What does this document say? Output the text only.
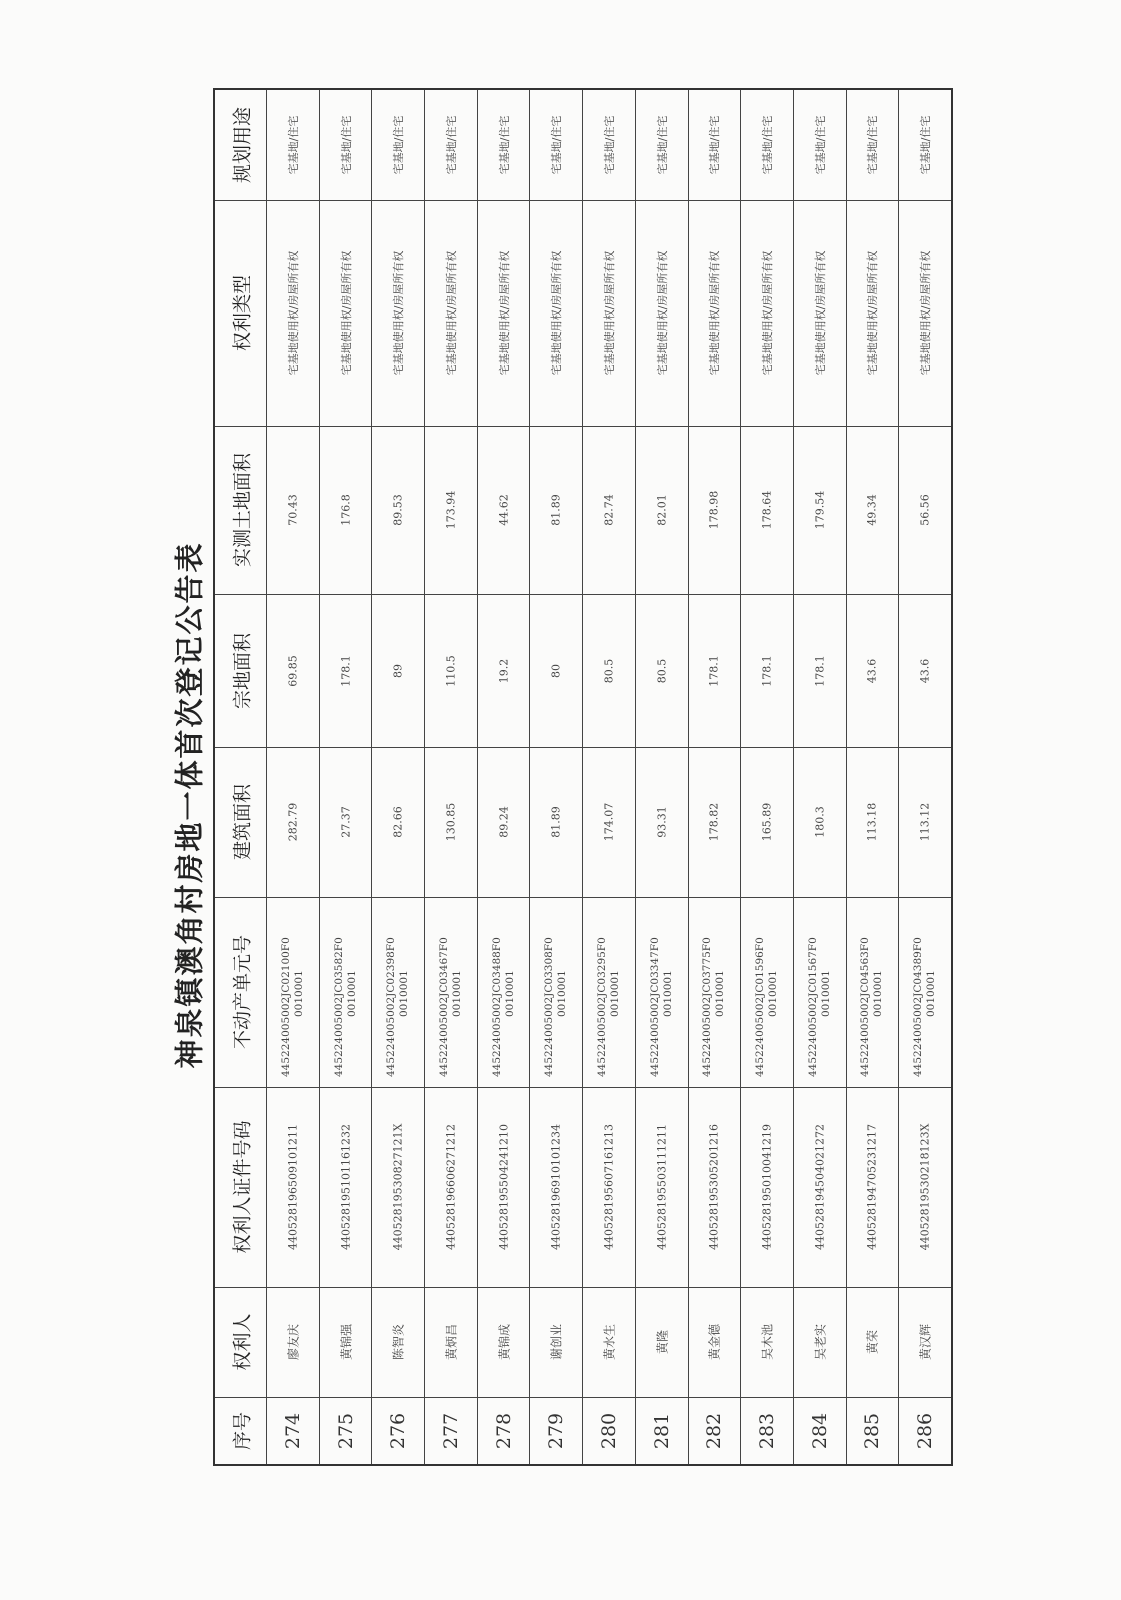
神泉镇澳角村房地一体首次登记公告表
规划用途
权利类型
实测土地面积
宗地面积
建筑面积
不动产单元号
权利人证件号码
权利人
序号
宅基地/住宅
宅基地使用权/房屋所有权
70.43
69.85
282.79
445224005002JC02100F0 0010001
440528196509101211
廖友庆
274
宅基地/住宅
宅基地使用权/房屋所有权
176.8
178.1
27.37
445224005002JC03582F0 0010001
440528195101161232
黄锦强
275
宅基地/住宅
宅基地使用权/房屋所有权
89.53
89
82.66
445224005002JC02398F0 0010001
44052819530827121X
陈智炎
276
宅基地/住宅
宅基地使用权/房屋所有权
173.94
110.5
130.85
445224005002JC03467F0 0010001
440528196606271212
黄炳昌
277
宅基地/住宅
宅基地使用权/房屋所有权
44.62
19.2
89.24
445224005002JC03488F0 0010001
440528195504241210
黄锦成
278
宅基地/住宅
宅基地使用权/房屋所有权
81.89
80
81.89
445224005002JC03308F0 0010001
440528196910101234
谢创业
279
宅基地/住宅
宅基地使用权/房屋所有权
82.74
80.5
174.07
445224005002JC03295F0 0010001
440528195607161213
黄水生
280
宅基地/住宅
宅基地使用权/房屋所有权
82.01
80.5
93.31
445224005002JC03347F0 0010001
440528195503111211
黄隆
281
宅基地/住宅
宅基地使用权/房屋所有权
178.98
178.1
178.82
445224005002JC03775F0 0010001
440528195305201216
黄金德
282
宅基地/住宅
宅基地使用权/房屋所有权
178.64
178.1
165.89
445224005002JC01596F0 0010001
440528195010041219
吴木池
283
宅基地/住宅
宅基地使用权/房屋所有权
179.54
178.1
180.3
445224005002JC01567F0 0010001
440528194504021272
吴老实
284
宅基地/住宅
宅基地使用权/房屋所有权
49.34
43.6
113.18
445224005002JC04563F0 0010001
440528194705231217
黄荣
285
宅基地/住宅
宅基地使用权/房屋所有权
56.56
43.6
113.12
445224005002JC04389F0 0010001
44052819530218123X
黄汉辉
286
